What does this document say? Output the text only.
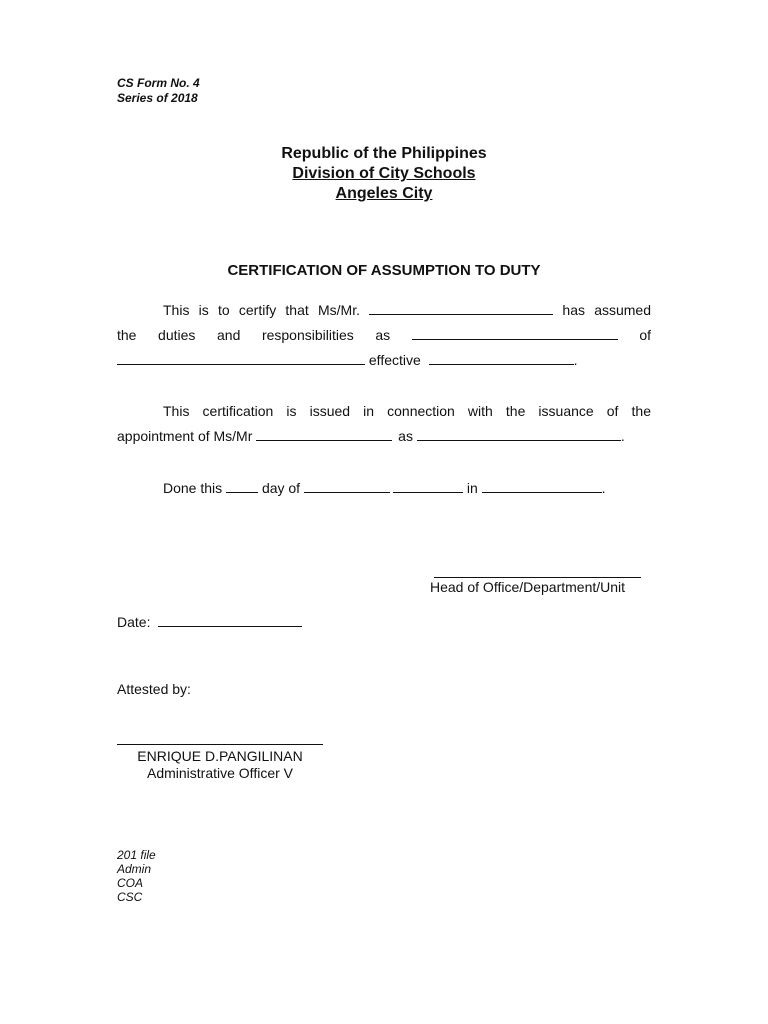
CS Form No. 4
Series of 2018
Republic of the Philippines
Division of City Schools
Angeles City
CERTIFICATION OF ASSUMPTION TO DUTY
This is to certify that Ms/Mr.	has assumed
the duties and responsibilities as	of
effective	.
This certification is issued in connection with the issuance of the
appointment of Ms/Mr	as	.
Done this	day of	in	.
Head of Office/Department/Unit
Date:
Attested by:
ENRIQUE D.PANGILINAN
Administrative Officer V
201 file
Admin
COA
CSC
